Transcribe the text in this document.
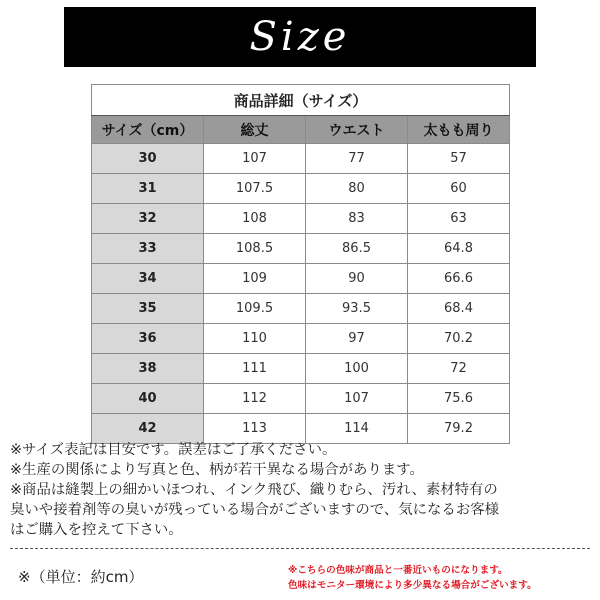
Size
商品詳細（サイズ）			
サイズ（cm）	総丈	ウエスト	太もも周り
30	107	77	57
31	107.5	80	60
32	108	83	63
33	108.5	86.5	64.8
34	109	90	66.6
35	109.5	93.5	68.4
36	110	97	70.2
38	111	100	72
40	112	107	75.6
42	113	114	79.2

※サイズ表記は目安です。誤差はご了承ください。

※生産の関係により写真と色、柄が若干異なる場合があります。

※商品は縫製上の細かいほつれ、インク飛び、織りむら、汚れ、素材特有の

臭いや接着剤等の臭いが残っている場合がございますので、気になるお客様

はご購入を控えて下さい。

※（単位：約cm）	※こちらの色味が商品と一番近いものになります。

色味はモニター環境により多少異なる場合がございます。
